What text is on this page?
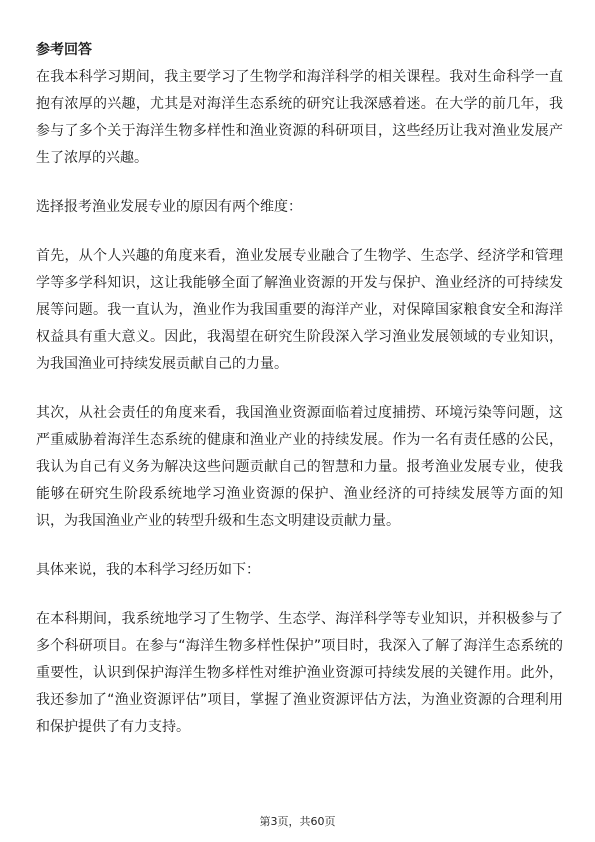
参考回答

在我本科学习期间，我主要学习了生物学和海洋科学的相关课程。我对生命科学一直抱有浓厚的兴趣，尤其是对海洋生态系统的研究让我深感着迷。在大学的前几年，我参与了多个关于海洋生物多样性和渔业资源的科研项目，这些经历让我对渔业发展产生了浓厚的兴趣。

选择报考渔业发展专业的原因有两个维度：

首先，从个人兴趣的角度来看，渔业发展专业融合了生物学、生态学、经济学和管理学等多学科知识，这让我能够全面了解渔业资源的开发与保护、渔业经济的可持续发展等问题。我一直认为，渔业作为我国重要的海洋产业，对保障国家粮食安全和海洋权益具有重大意义。因此，我渴望在研究生阶段深入学习渔业发展领域的专业知识，为我国渔业可持续发展贡献自己的力量。

其次，从社会责任的角度来看，我国渔业资源面临着过度捕捞、环境污染等问题，这严重威胁着海洋生态系统的健康和渔业产业的持续发展。作为一名有责任感的公民，我认为自己有义务为解决这些问题贡献自己的智慧和力量。报考渔业发展专业，使我能够在研究生阶段系统地学习渔业资源的保护、渔业经济的可持续发展等方面的知识，为我国渔业产业的转型升级和生态文明建设贡献力量。

具体来说，我的本科学习经历如下：

在本科期间，我系统地学习了生物学、生态学、海洋科学等专业知识，并积极参与了多个科研项目。在参与“海洋生物多样性保护”项目时，我深入了解了海洋生态系统的重要性，认识到保护海洋生物多样性对维护渔业资源可持续发展的关键作用。此外，我还参加了“渔业资源评估”项目，掌握了渔业资源评估方法，为渔业资源的合理利用和保护提供了有力支持。

第3页，共60页
